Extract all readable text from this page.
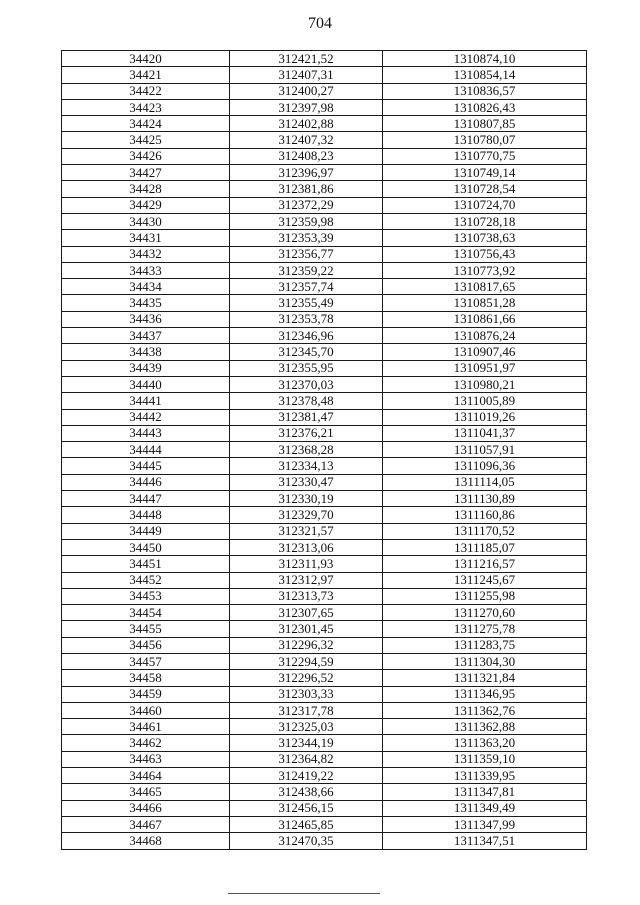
704
34420	312421,52	1310874,10
34421	312407,31	1310854,14
34422	312400,27	1310836,57
34423	312397,98	1310826,43
34424	312402,88	1310807,85
34425	312407,32	1310780,07
34426	312408,23	1310770,75
34427	312396,97	1310749,14
34428	312381,86	1310728,54
34429	312372,29	1310724,70
34430	312359,98	1310728,18
34431	312353,39	1310738,63
34432	312356,77	1310756,43
34433	312359,22	1310773,92
34434	312357,74	1310817,65
34435	312355,49	1310851,28
34436	312353,78	1310861,66
34437	312346,96	1310876,24
34438	312345,70	1310907,46
34439	312355,95	1310951,97
34440	312370,03	1310980,21
34441	312378,48	1311005,89
34442	312381,47	1311019,26
34443	312376,21	1311041,37
34444	312368,28	1311057,91
34445	312334,13	1311096,36
34446	312330,47	1311114,05
34447	312330,19	1311130,89
34448	312329,70	1311160,86
34449	312321,57	1311170,52
34450	312313,06	1311185,07
34451	312311,93	1311216,57
34452	312312,97	1311245,67
34453	312313,73	1311255,98
34454	312307,65	1311270,60
34455	312301,45	1311275,78
34456	312296,32	1311283,75
34457	312294,59	1311304,30
34458	312296,52	1311321,84
34459	312303,33	1311346,95
34460	312317,78	1311362,76
34461	312325,03	1311362,88
34462	312344,19	1311363,20
34463	312364,82	1311359,10
34464	312419,22	1311339,95
34465	312438,66	1311347,81
34466	312456,15	1311349,49
34467	312465,85	1311347,99
34468	312470,35	1311347,51
